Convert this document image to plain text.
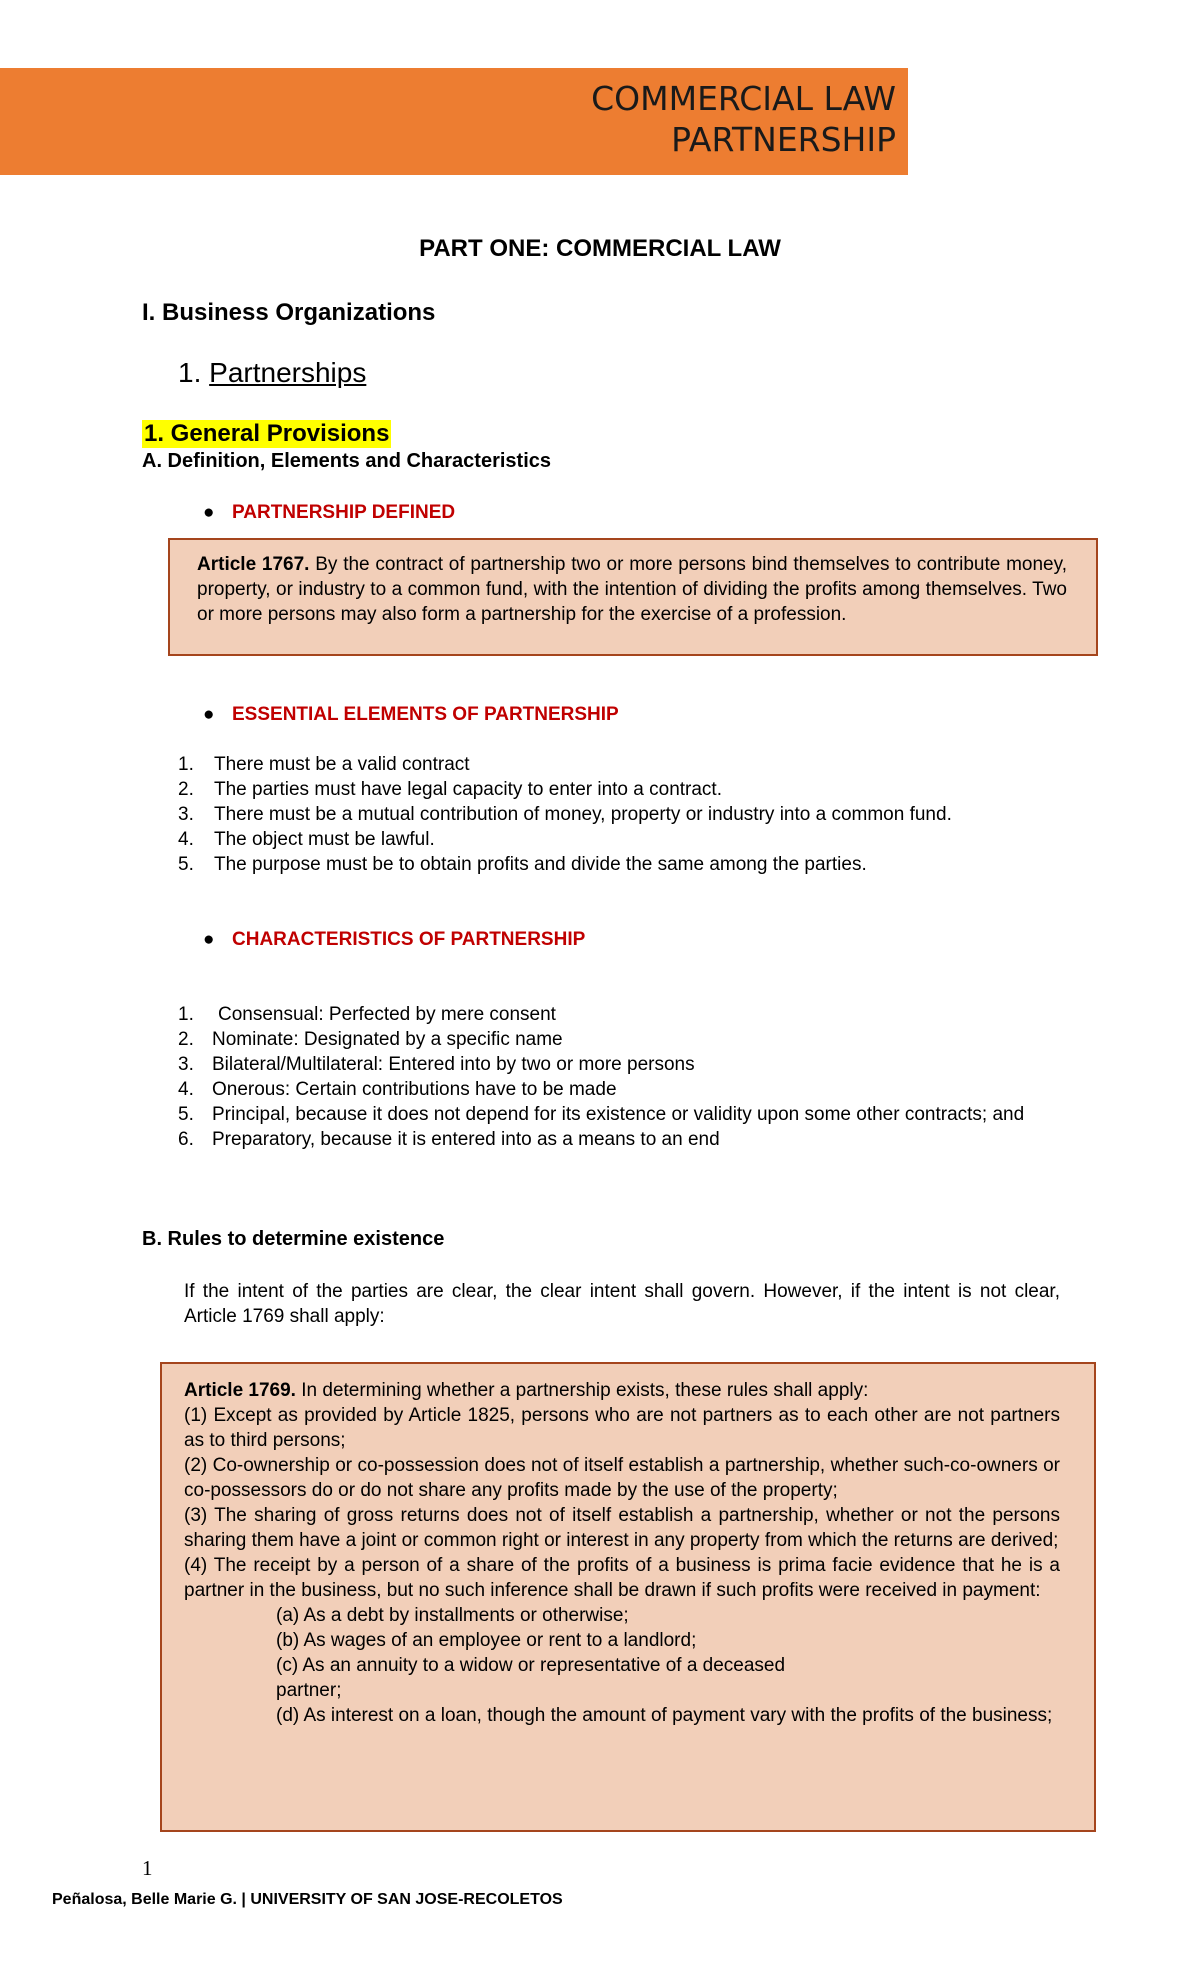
COMMERCIAL LAW
PARTNERSHIP
PART ONE: COMMERCIAL LAW
I. Business Organizations
1. Partnerships
1. General Provisions
A. Definition, Elements and Characteristics
● PARTNERSHIP DEFINED

Article 1767. By the contract of partnership two or more persons bind themselves to contribute money, property, or industry to a common fund, with the intention of dividing the profits among themselves. Two or more persons may also form a partnership for the exercise of a profession.

● ESSENTIAL ELEMENTS OF PARTNERSHIP
1. There must be a valid contract
2. The parties must have legal capacity to enter into a contract.
3. There must be a mutual contribution of money, property or industry into a common fund.
4. The object must be lawful.
5. The purpose must be to obtain profits and divide the same among the parties.
● CHARACTERISTICS OF PARTNERSHIP
1. Consensual: Perfected by mere consent
2. Nominate: Designated by a specific name
3. Bilateral/Multilateral: Entered into by two or more persons
4. Onerous: Certain contributions have to be made
5. Principal, because it does not depend for its existence or validity upon some other contracts; and
6. Preparatory, because it is entered into as a means to an end
B. Rules to determine existence
If the intent of the parties are clear, the clear intent shall govern. However, if the intent is not clear, Article 1769 shall apply:

Article 1769. In determining whether a partnership exists, these rules shall apply:

(1) Except as provided by Article 1825, persons who are not partners as to each other are not partners as to third persons;

(2) Co-ownership or co-possession does not of itself establish a partnership, whether such-co-owners or co-possessors do or do not share any profits made by the use of the property;

(3) The sharing of gross returns does not of itself establish a partnership, whether or not the persons sharing them have a joint or common right or interest in any property from which the returns are derived;

(4) The receipt by a person of a share of the profits of a business is prima facie evidence that he is a partner in the business, but no such inference shall be drawn if such profits were received in payment:

(a) As a debt by installments or otherwise;
(b) As wages of an employee or rent to a landlord;
(c) As an annuity to a widow or representative of a deceased
partner;
(d) As interest on a loan, though the amount of payment vary with the profits of the business;
1
Peñalosa, Belle Marie G. | UNIVERSITY OF SAN JOSE-RECOLETOS
